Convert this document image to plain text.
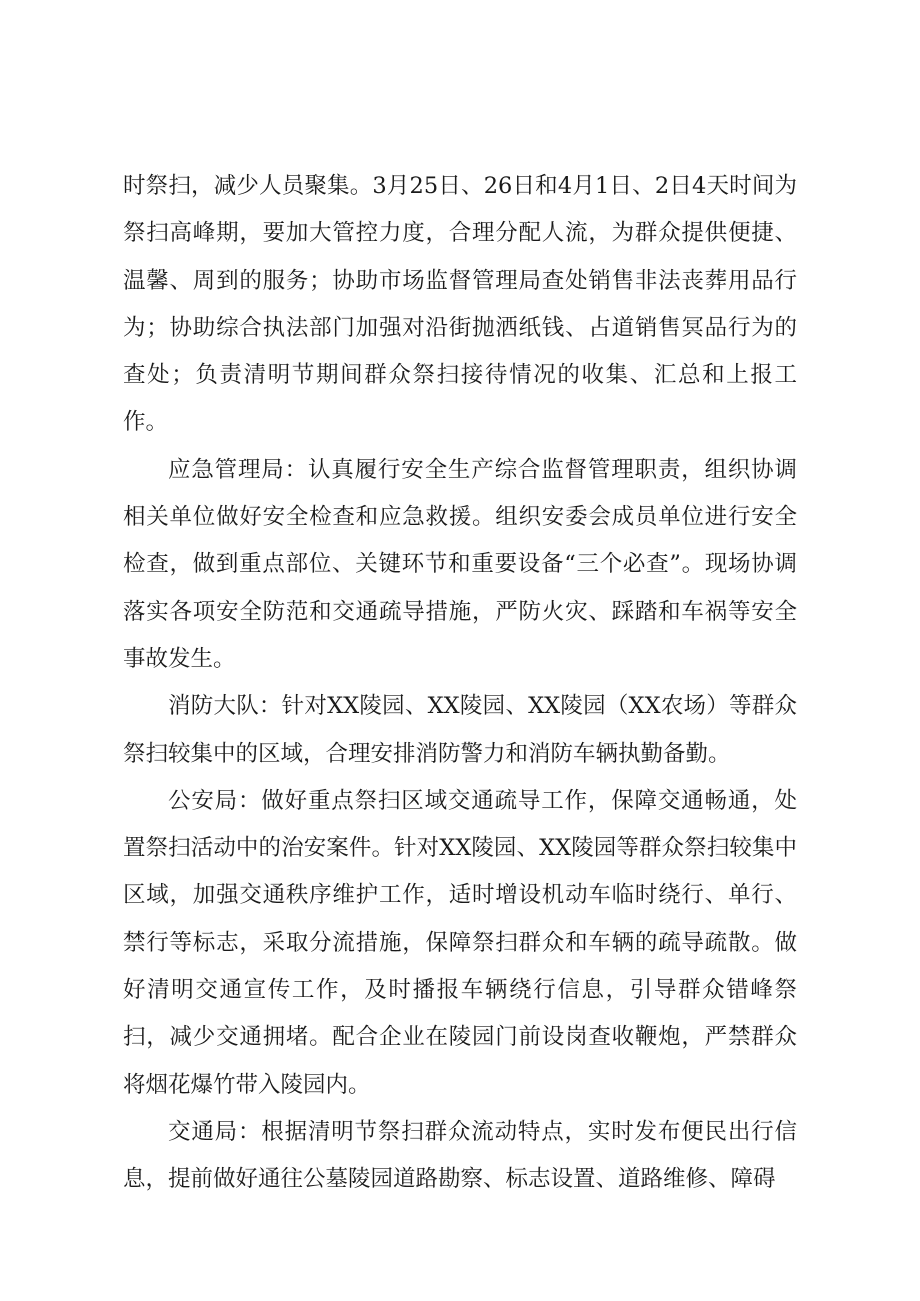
时祭扫，减少人员聚集。3月25日、26日和4月1日、2日4天时间为祭扫高峰期，要加大管控力度，合理分配人流，为群众提供便捷、温馨、周到的服务；协助市场监督管理局查处销售非法丧葬用品行为；协助综合执法部门加强对沿街抛洒纸钱、占道销售冥品行为的查处；负责清明节期间群众祭扫接待情况的收集、汇总和上报工作。

应急管理局：认真履行安全生产综合监督管理职责，组织协调相关单位做好安全检查和应急救援。组织安委会成员单位进行安全检查，做到重点部位、关键环节和重要设备“三个必查”。现场协调落实各项安全防范和交通疏导措施，严防火灾、踩踏和车祸等安全事故发生。

消防大队：针对XX陵园、XX陵园、XX陵园（XX农场）等群众祭扫较集中的区域，合理安排消防警力和消防车辆执勤备勤。

公安局：做好重点祭扫区域交通疏导工作，保障交通畅通，处置祭扫活动中的治安案件。针对XX陵园、XX陵园等群众祭扫较集中区域，加强交通秩序维护工作，适时增设机动车临时绕行、单行、禁行等标志，采取分流措施，保障祭扫群众和车辆的疏导疏散。做好清明交通宣传工作，及时播报车辆绕行信息，引导群众错峰祭扫，减少交通拥堵。配合企业在陵园门前设岗查收鞭炮，严禁群众将烟花爆竹带入陵园内。

交通局：根据清明节祭扫群众流动特点，实时发布便民出行信息，提前做好通往公墓陵园道路勘察、标志设置、道路维修、障碍
